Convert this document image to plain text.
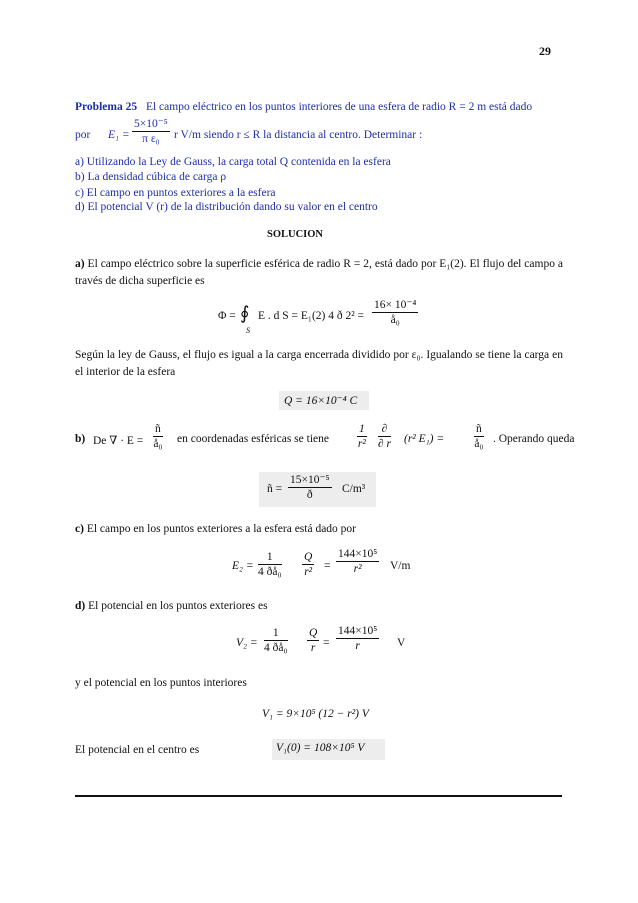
29
Problema 25 El campo eléctrico en los puntos interiores de una esfera de radio R = 2 m está dado
por $E_1 = \frac{\text{5×10⁻⁵}}{\text{π ε₀}}$ r V/m siendo r ≤ R la distancia al centro. Determinar :
a) Utilizando la Ley de Gauss, la carga total Q contenida en la esfera
b) La densidad cúbica de carga ρ
c) El campo en puntos exteriores a la esfera
d) El potencial V (r) de la distribución dando su valor en el centro
SOLUCION
a) El campo eléctrico sobre la superficie esférica de radio R = 2, está dado por E₁(2). El flujo del campo a través de dicha superficie es
Φ = ∮
S
E . d S = E₁(2) 4 ð $2^2 = \frac{\text{16× 10⁻⁴}}{\text{å₀}}$
Según la ley de Gauss, el flujo es igual a la carga encerrada dividido por ε₀. Igualando se tiene la carga en el interior de la esfera
Q = 16×10⁻⁴ C
b) De ∇ · $E = \frac{ñ}{\text{å₀}}$ en coordenadas esféricas se tiene $\frac{1}{\text{r²}}$	∂
∂ r (r² E₁) =	$\frac{ñ}{\text{å₀}}$ . Operando queda
ñ = $\frac{\text{15×10⁻⁵}}{ð} C/m^3$
c) El campo en los puntos exteriores a la esfera está dado por
$E_2 = \frac{1}{\text{4 ðå₀}} \frac{Q}{\text{r²}} = \frac{\text{144×10⁵}}{\text{r²}} V/m$
d) El potencial en los puntos exteriores es
$V_2 = \frac{1}{\text{4 ðå₀}} \frac{Q}{r} = \frac{\text{144×10⁵}}{r}$ V
y el potencial en los puntos interiores
V₁ = 9×10⁵ (12 − r²) V
El potencial en el centro es	V₁(0) = 108×10⁵ V
